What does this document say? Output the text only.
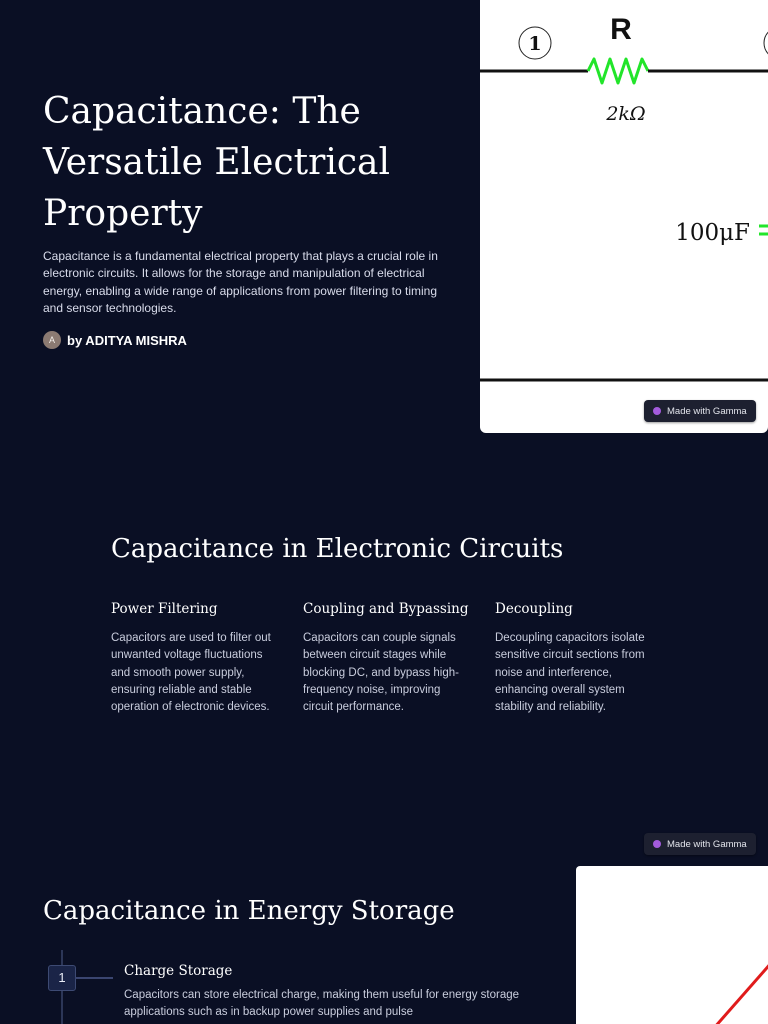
Capacitance: The Versatile Electrical Property

Capacitance is a fundamental electrical property that plays a crucial role in electronic circuits. It allows for the storage and manipulation of electrical energy, enabling a wide range of applications from power filtering to timing and sensor technologies.

A by ADITYA MISHRA
1 R
2kΩ
100μF
Made with Gamma
Capacitance in Electronic Circuits
Power Filtering

Capacitors are used to filter out unwanted voltage fluctuations and smooth power supply, ensuring reliable and stable operation of electronic devices.

Coupling and Bypassing

Capacitors can couple signals between circuit stages while blocking DC, and bypass high-frequency noise, improving circuit performance.

Decoupling

Decoupling capacitors isolate sensitive circuit sections from noise and interference, enhancing overall system stability and reliability.

Made with Gamma
Capacitance in Energy Storage
1	Charge Storage

Capacitors can store electrical charge, making them useful for energy storage applications such as in backup power supplies and pulse
